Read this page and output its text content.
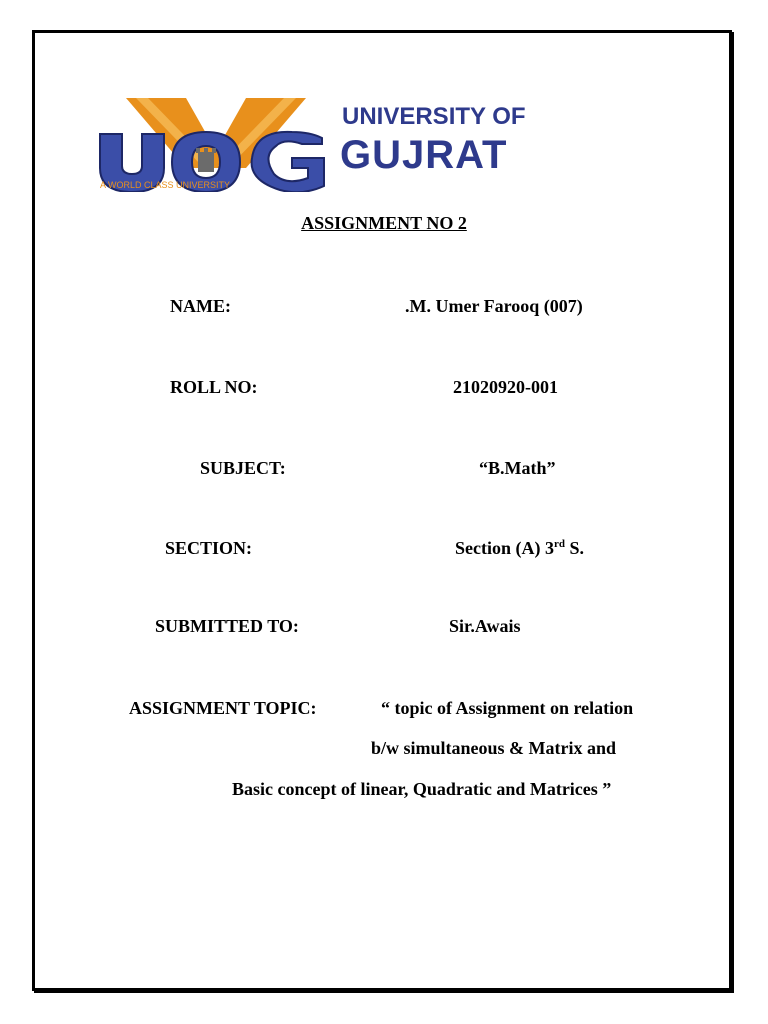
A WORLD CLASS UNIVERSITY
UNIVERSITY OF
GUJRAT
ASSIGNMENT NO 2
NAME:	.M. Umer Farooq (007)
ROLL NO:	21020920-001
SUBJECT:	“B.Math”
SECTION:	Section (A) 3rd S.
SUBMITTED TO:	Sir.Awais
ASSIGNMENT TOPIC:	“ topic of Assignment on relation
b/w simultaneous & Matrix and
Basic concept of linear, Quadratic and Matrices ”
